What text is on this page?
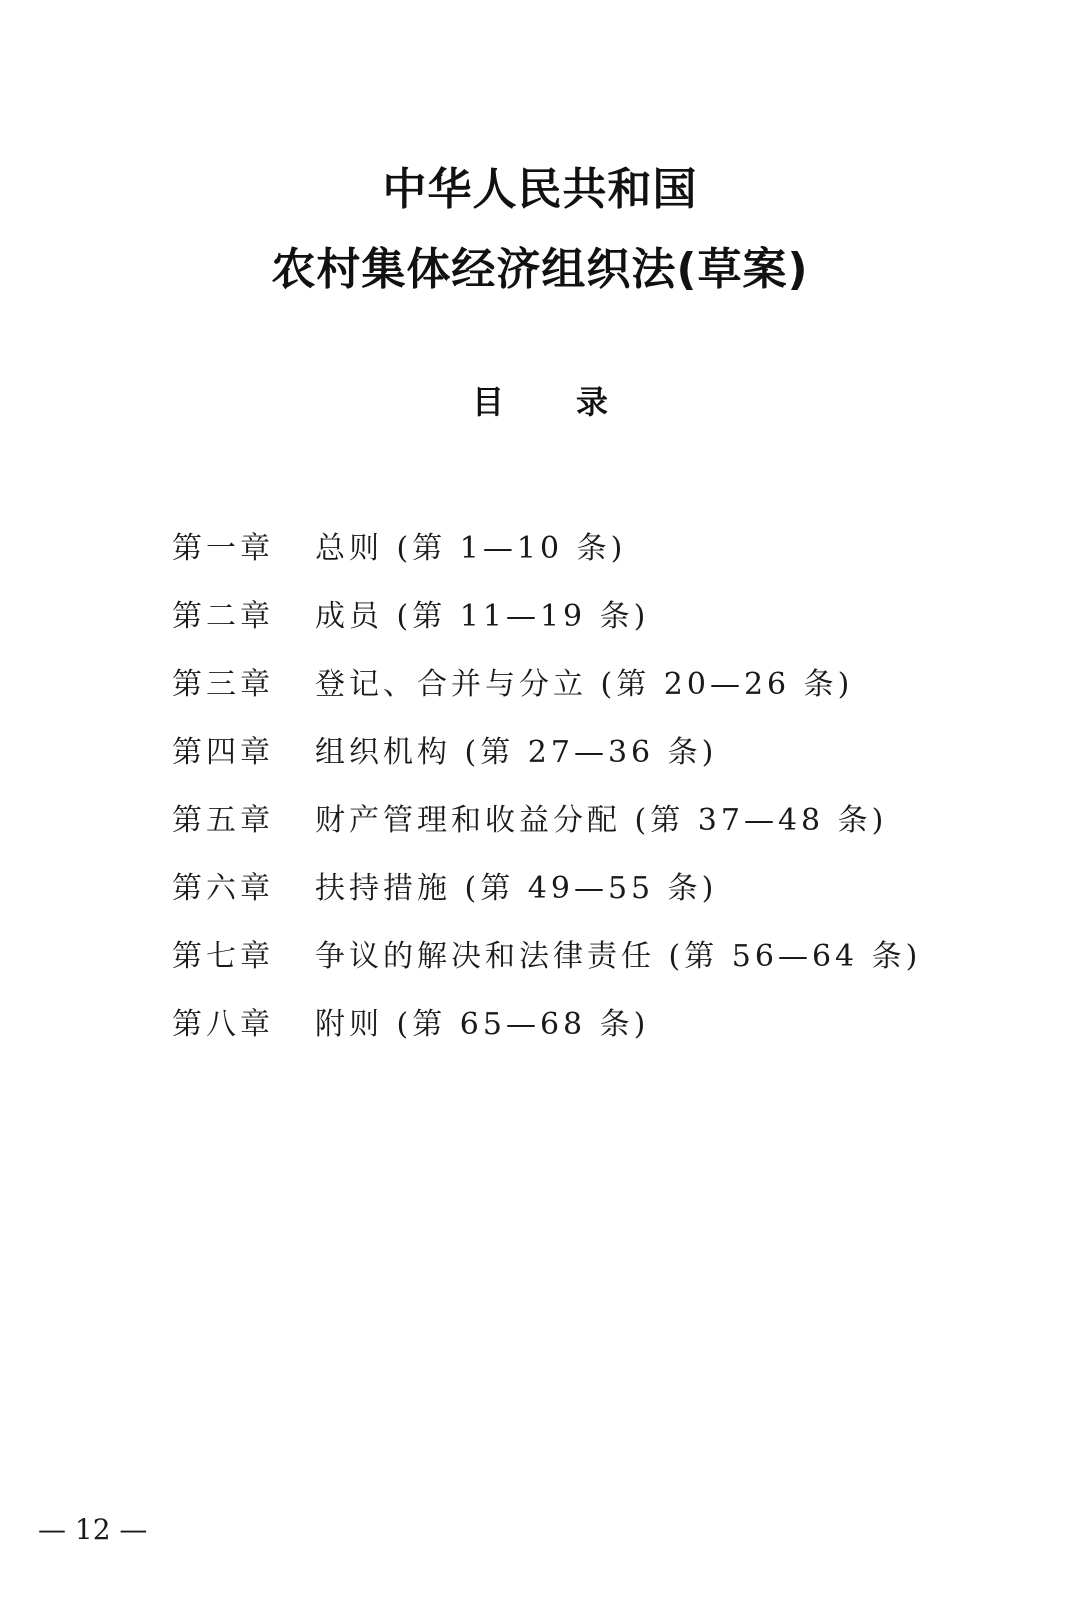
中华人民共和国
农村集体经济组织法(草案)
目录
第一章	总则 (第 1—10 条)
第二章	成员 (第 11—19 条)
第三章	登记、合并与分立 (第 20—26 条)
第四章	组织机构 (第 27—36 条)
第五章	财产管理和收益分配 (第 37—48 条)
第六章	扶持措施 (第 49—55 条)
第七章	争议的解决和法律责任 (第 56—64 条)
第八章	附则 (第 65—68 条)
— 12 —
